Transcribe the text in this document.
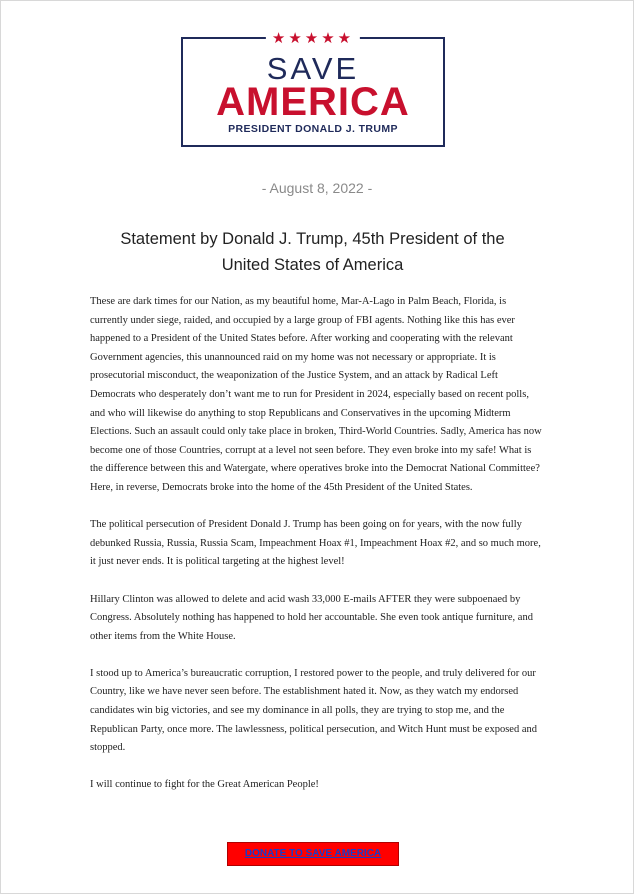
★★★★★
SAVE
AMERICA
PRESIDENT DONALD J. TRUMP
- August 8, 2022 -
Statement by Donald J. Trump, 45th President of the United States of America

These are dark times for our Nation, as my beautiful home, Mar-A-Lago in Palm Beach, Florida, is currently under siege, raided, and occupied by a large group of FBI agents. Nothing like this has ever happened to a President of the United States before. After working and cooperating with the relevant Government agencies, this unannounced raid on my home was not necessary or appropriate. It is prosecutorial misconduct, the weaponization of the Justice System, and an attack by Radical Left Democrats who desperately don’t want me to run for President in 2024, especially based on recent polls, and who will likewise do anything to stop Republicans and Conservatives in the upcoming Midterm Elections. Such an assault could only take place in broken, Third-World Countries. Sadly, America has now become one of those Countries, corrupt at a level not seen before. They even broke into my safe! What is the difference between this and Watergate, where operatives broke into the Democrat National Committee? Here, in reverse, Democrats broke into the home of the 45th President of the United States.

The political persecution of President Donald J. Trump has been going on for years, with the now fully debunked Russia, Russia, Russia Scam, Impeachment Hoax #1, Impeachment Hoax #2, and so much more, it just never ends. It is political targeting at the highest level!

Hillary Clinton was allowed to delete and acid wash 33,000 E-mails AFTER they were subpoenaed by Congress. Absolutely nothing has happened to hold her accountable. She even took antique furniture, and other items from the White House.

I stood up to America’s bureaucratic corruption, I restored power to the people, and truly delivered for our Country, like we have never seen before. The establishment hated it. Now, as they watch my endorsed candidates win big victories, and see my dominance in all polls, they are trying to stop me, and the Republican Party, once more. The lawlessness, political persecution, and Witch Hunt must be exposed and stopped.

I will continue to fight for the Great American People!

DONATE TO SAVE AMERICA
